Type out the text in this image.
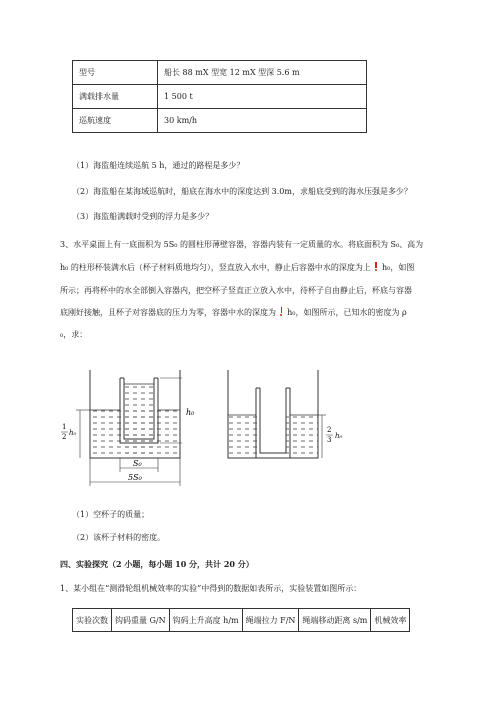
型号	船长 88 mX 型宽 12 mX 型深 5.6 m
满载排水量	1 500 t
巡航速度	30 km/h
（1）海监船连续巡航 5 h，通过的路程是多少？
（2）海监船在某海域巡航时，船底在海水中的深度达到 3.0m，求船底受到的海水压强是多少？
（3）海监船满载时受到的浮力是多少？
3、水平桌面上有一底面积为 5S₀ 的圆柱形薄壁容器，容器内装有一定质量的水。将底面积为 S₀、高为
h₀ 的柱形杯装满水后（杯子材料质地均匀），竖直放入水中，静止后容器中水的深度为上 h₀，如图
所示；再将杯中的水全部倒入容器内，把空杯子竖直正立放入水中，待杯子自由静止后，杯底与容器
底刚好接触，且杯子对容器底的压力为零，容器中水的深度为 h₀，如图所示，已知水的密度为 ρ
₀，求：
h₀
1
2 h₀
S₀
5S₀
2
3 h₀
（1）空杯子的质量；
（2）该杯子材料的密度。
四、实验探究（2 小题，每小题 10 分，共计 20 分）
1、某小组在“测滑轮组机械效率的实验”中得到的数据如表所示，实验装置如图所示：
实验次数	钩码重量 G/N	钩码上升高度 h/m	绳端拉力 F/N	绳端移动距离 s/m	机械效率
